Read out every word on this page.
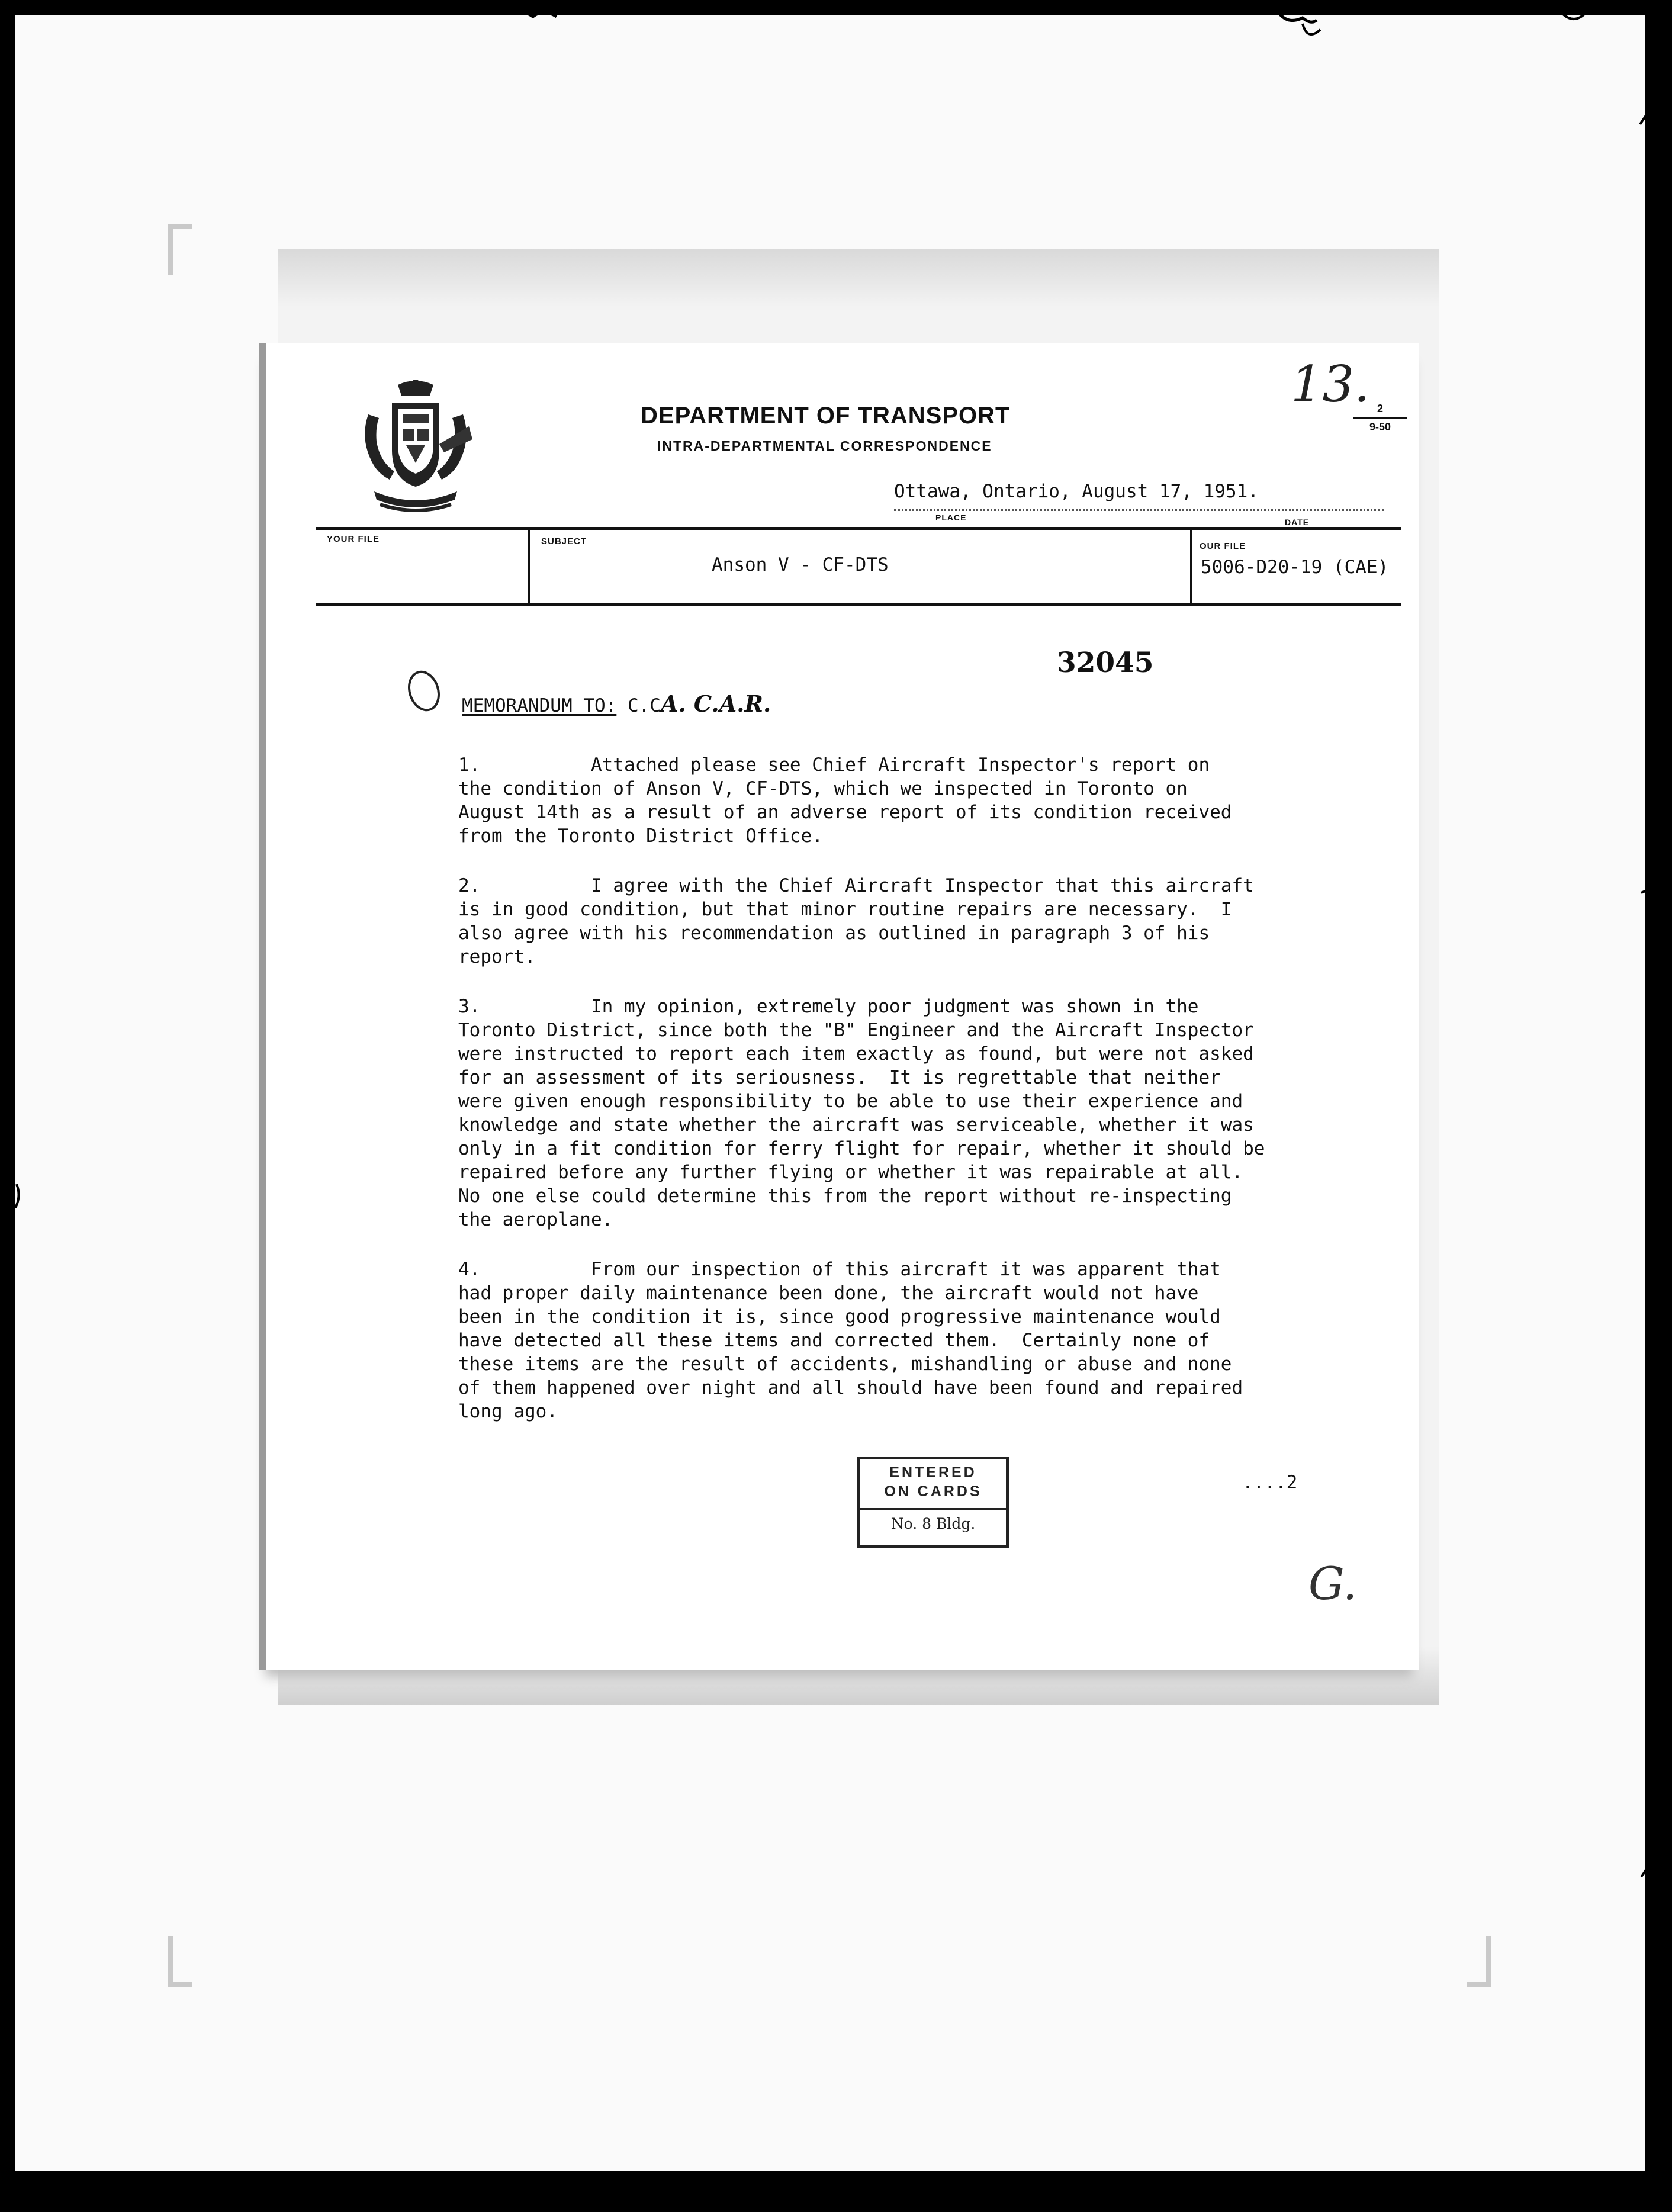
DEPARTMENT OF TRANSPORT
INTRA-DEPARTMENTAL CORRESPONDENCE
13. 2
9-50
Ottawa, Ontario, August 17, 1951.
PLACE	DATE
YOUR FILE	SUBJECT
Anson V - CF-DTS
OUR FILE
5006-D20-19 (CAE)
32045
MEMORANDUM TO: C.CA. C.A.R.
1.          Attached please see Chief Aircraft Inspector's report on
the condition of Anson V, CF-DTS, which we inspected in Toronto on
August 14th as a result of an adverse report of its condition received
from the Toronto District Office.
2.          I agree with the Chief Aircraft Inspector that this aircraft
is in good condition, but that minor routine repairs are necessary.  I
also agree with his recommendation as outlined in paragraph 3 of his
report.
3.          In my opinion, extremely poor judgment was shown in the
Toronto District, since both the "B" Engineer and the Aircraft Inspector
were instructed to report each item exactly as found, but were not asked
for an assessment of its seriousness.  It is regrettable that neither
were given enough responsibility to be able to use their experience and
knowledge and state whether the aircraft was serviceable, whether it was
only in a fit condition for ferry flight for repair, whether it should be
repaired before any further flying or whether it was repairable at all.
No one else could determine this from the report without re-inspecting
the aeroplane.
4.          From our inspection of this aircraft it was apparent that
had proper daily maintenance been done, the aircraft would not have
been in the condition it is, since good progressive maintenance would
have detected all these items and corrected them.  Certainly none of
these items are the result of accidents, mishandling or abuse and none
of them happened over night and all should have been found and repaired
long ago.
ENTERED
ON CARDS
No. 8 Bldg.
....2
G.
